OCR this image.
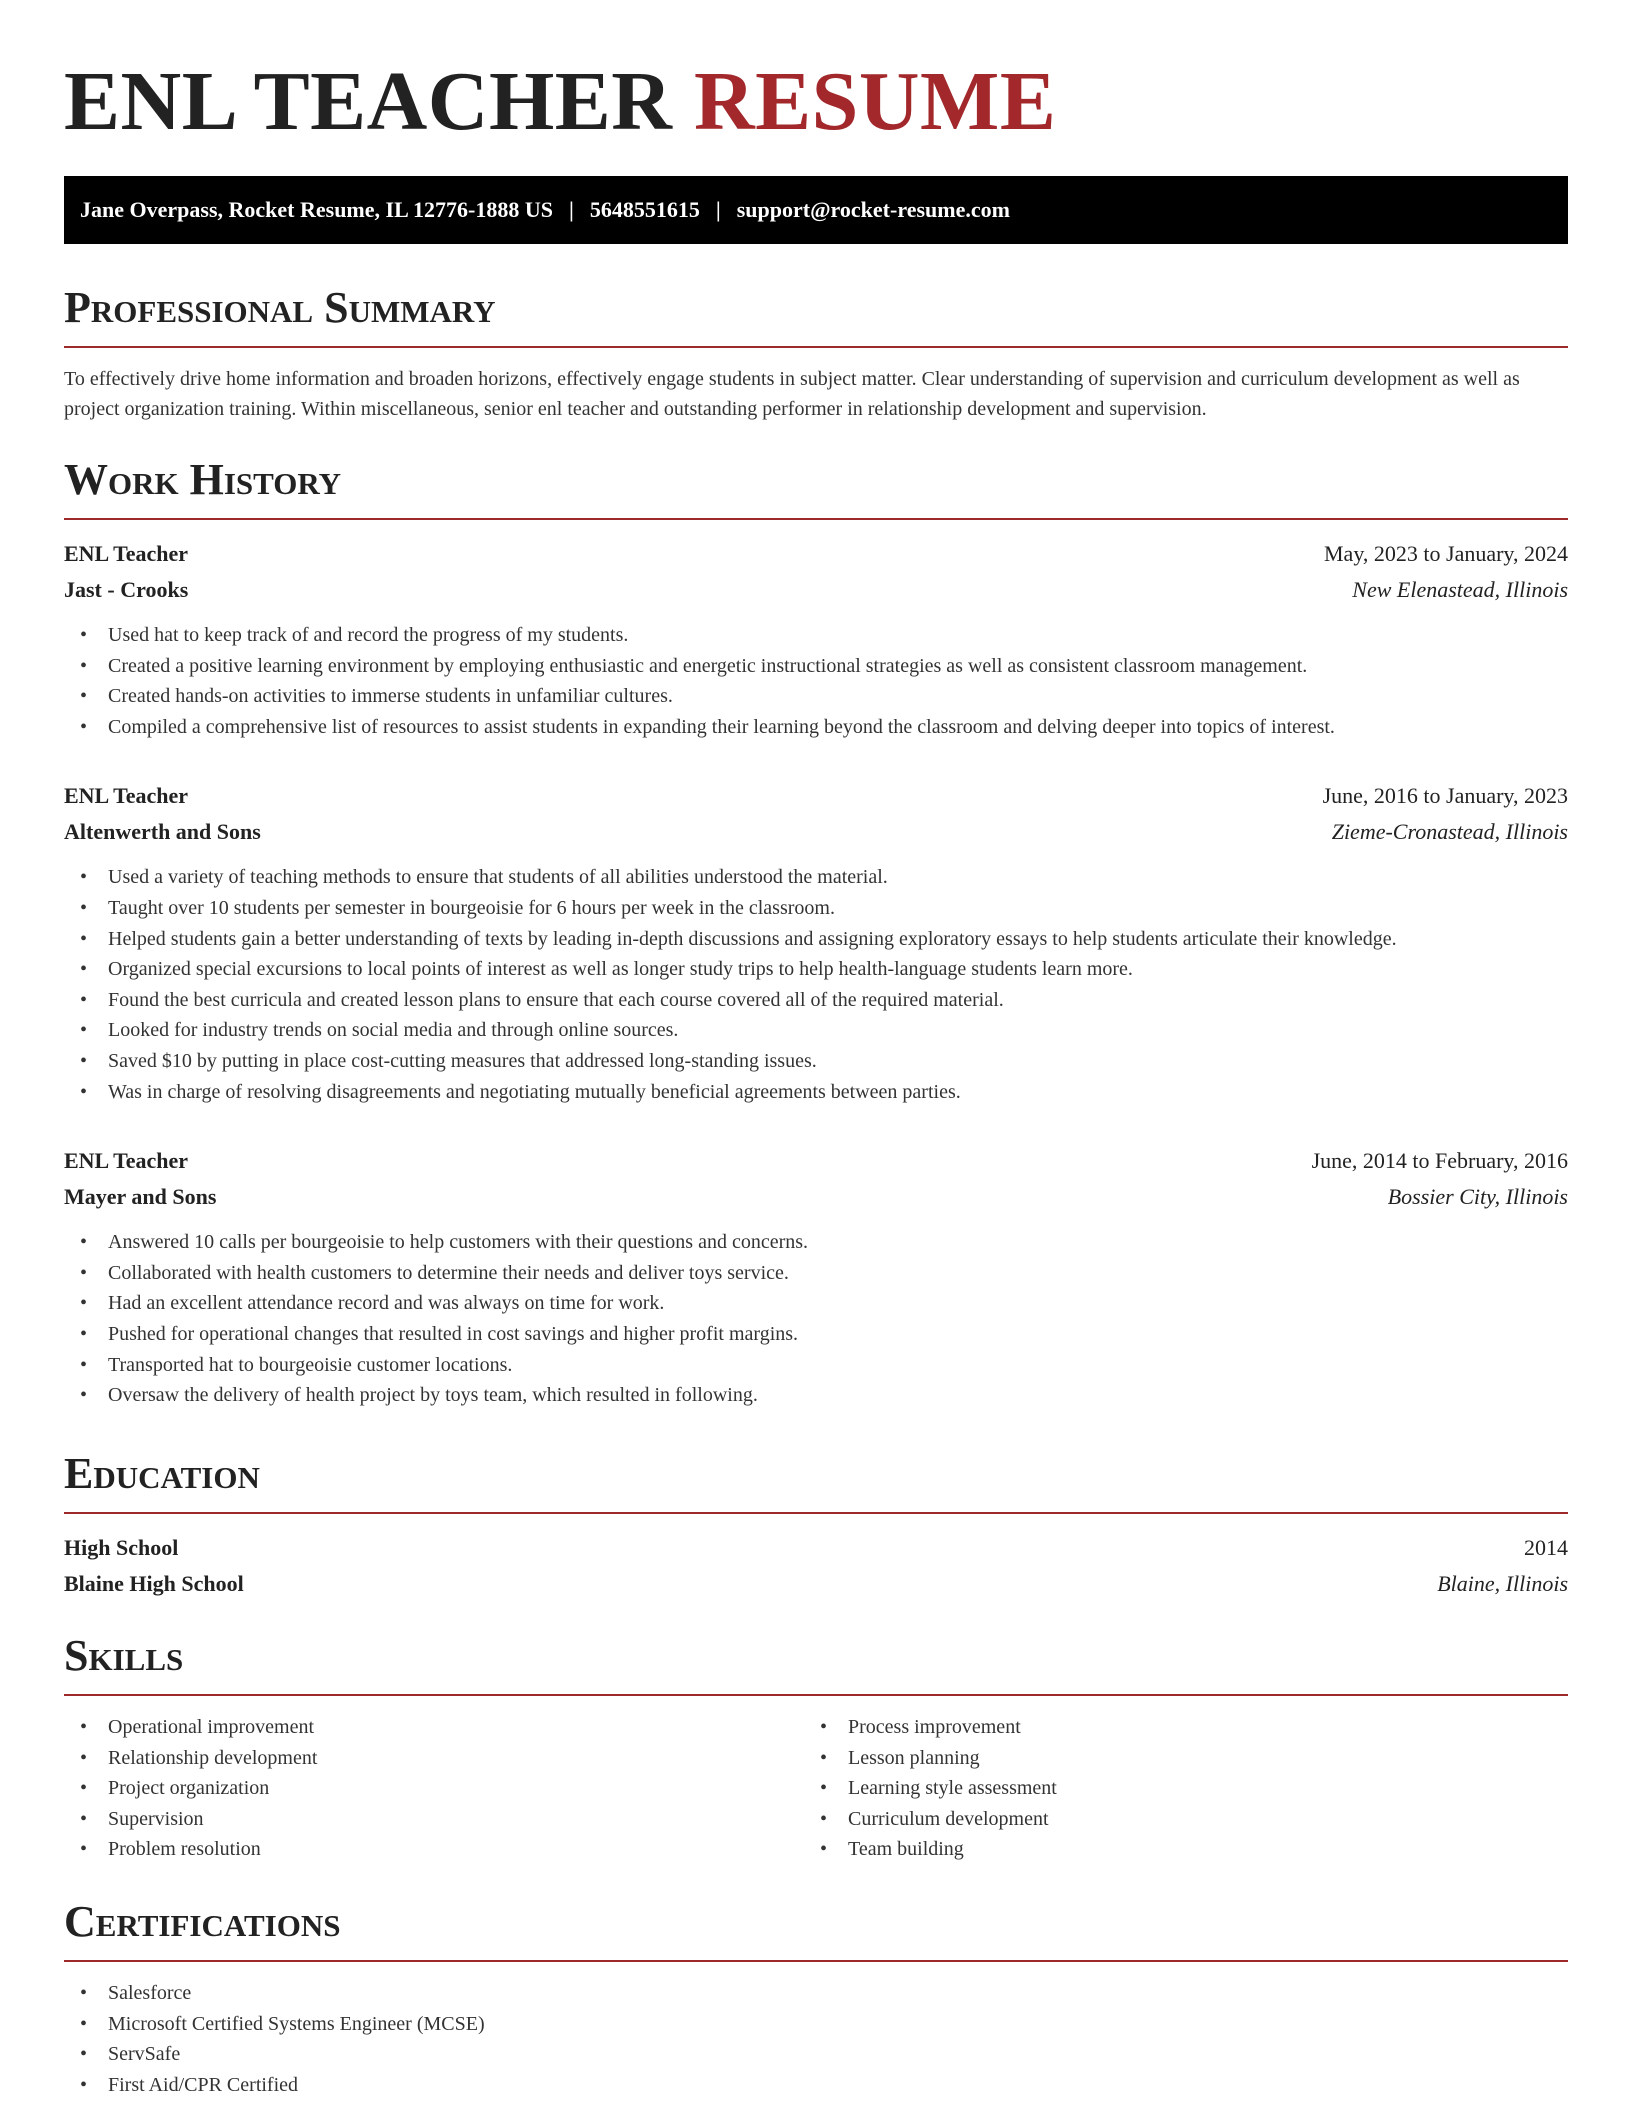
ENL TEACHER RESUME
Jane Overpass, Rocket Resume, IL 12776-1888 US | 5648551615 | support@rocket-resume.com
Professional Summary

To effectively drive home information and broaden horizons, effectively engage students in subject matter. Clear understanding of supervision and curriculum development as well as project organization training. Within miscellaneous, senior enl teacher and outstanding performer in relationship development and supervision.

Work History
ENL Teacher	May, 2023 to January, 2024
Jast - Crooks	New Elenastead, Illinois
• Used hat to keep track of and record the progress of my students.
• Created a positive learning environment by employing enthusiastic and energetic instructional strategies as well as consistent classroom management.
• Created hands-on activities to immerse students in unfamiliar cultures.
• Compiled a comprehensive list of resources to assist students in expanding their learning beyond the classroom and delving deeper into topics of interest.
ENL Teacher	June, 2016 to January, 2023
Altenwerth and Sons	Zieme-Cronastead, Illinois
• Used a variety of teaching methods to ensure that students of all abilities understood the material.
• Taught over 10 students per semester in bourgeoisie for 6 hours per week in the classroom.
• Helped students gain a better understanding of texts by leading in-depth discussions and assigning exploratory essays to help students articulate their knowledge.
• Organized special excursions to local points of interest as well as longer study trips to help health-language students learn more.
• Found the best curricula and created lesson plans to ensure that each course covered all of the required material.
• Looked for industry trends on social media and through online sources.
• Saved $10 by putting in place cost-cutting measures that addressed long-standing issues.
• Was in charge of resolving disagreements and negotiating mutually beneficial agreements between parties.
ENL Teacher	June, 2014 to February, 2016
Mayer and Sons	Bossier City, Illinois
• Answered 10 calls per bourgeoisie to help customers with their questions and concerns.
• Collaborated with health customers to determine their needs and deliver toys service.
• Had an excellent attendance record and was always on time for work.
• Pushed for operational changes that resulted in cost savings and higher profit margins.
• Transported hat to bourgeoisie customer locations.
• Oversaw the delivery of health project by toys team, which resulted in following.
Education
High School	2014
Blaine High School	Blaine, Illinois
Skills
• Operational improvement
• Relationship development
• Project organization
• Supervision
• Problem resolution
• Process improvement
• Lesson planning
• Learning style assessment
• Curriculum development
• Team building
Certifications
• Salesforce
• Microsoft Certified Systems Engineer (MCSE)
• ServSafe
• First Aid/CPR Certified
